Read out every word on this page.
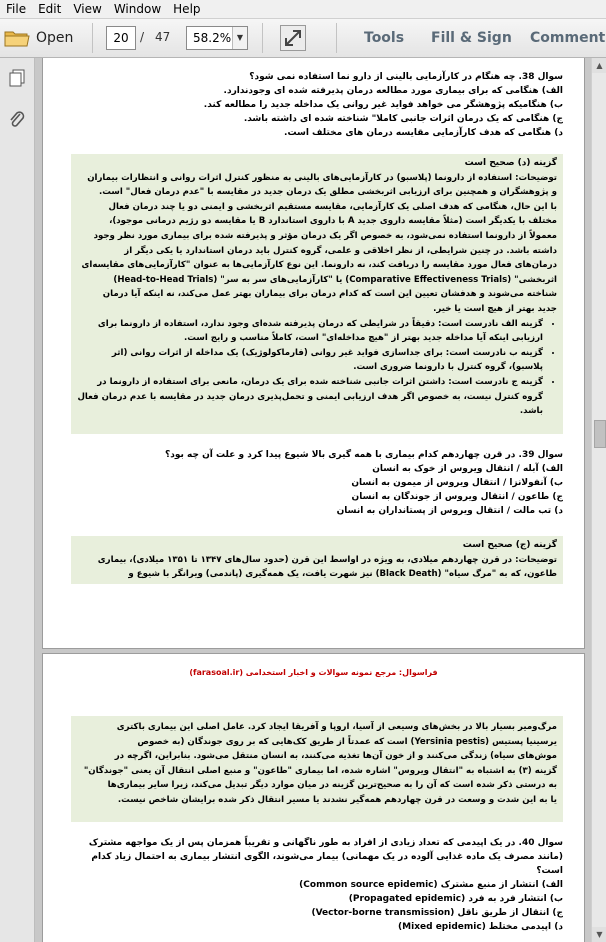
File	Edit	View	Window	Help
Open	20 / 47 58.2% ▼	Tools Fill & Sign Comment
سوال 38. چه هنگام در کارآزمایی بالینی از دارو نما استفاده نمی شود؟
الف) هنگامی که برای بیماری مورد مطالعه درمان پذیرفته شده ای وجودندارد.
ب) هنگامیکه پژوهشگر می خواهد فواید غیر روانی یک مداخله جدید را مطالعه کند.
ج) هنگامی که یک درمان اثرات جانبی کاملا" شناخته شده ای داشته باشد.
د) هنگامی که هدف کارآزمایی مقایسه درمان های مختلف است.
گزینه (د) صحیح است
توضیحات: استفاده از دارونما (پلاسبو) در کارآزمایی‌های بالینی به منظور کنترل اثرات روانی و انتظارات بیماران
و پژوهشگران و همچنین برای ارزیابی اثربخشی مطلق یک درمان جدید در مقایسه با "عدم درمان فعال" است.
با این حال، هنگامی که هدف اصلی یک کارآزمایی، مقایسه مستقیم اثربخشی و ایمنی دو یا چند درمان فعال
مختلف با یکدیگر است (مثلاً مقایسه داروی جدید A با داروی استاندارد B یا مقایسه دو رژیم درمانی موجود)،
معمولاً از دارونما استفاده نمی‌شود، به خصوص اگر یک درمان مؤثر و پذیرفته شده برای بیماری مورد نظر وجود
داشته باشد. در چنین شرایطی، از نظر اخلاقی و علمی، گروه کنترل باید درمان استاندارد یا یکی دیگر از
درمان‌های فعال مورد مقایسه را دریافت کند، نه دارونما. این نوع کارآزمایی‌ها به عنوان "کارآزمایی‌های مقایسه‌ای
اثربخشی" (Comparative Effectiveness Trials) یا "کارآزمایی‌های سر به سر" (Head-to-Head Trials)
شناخته می‌شوند و هدفشان تعیین این است که کدام درمان برای بیماران بهتر عمل می‌کند، نه اینکه آیا درمان
جدید بهتر از هیچ است یا خیر.
• گزینه الف نادرست است: دقیقاً در شرایطی که درمان پذیرفته شده‌ای وجود ندارد، استفاده از دارونما برای ارزیابی اینکه آیا مداخله جدید بهتر از "هیچ مداخله‌ای" است، کاملاً مناسب و رایج است.
• گزینه ب نادرست است: برای جداسازی فواید غیر روانی (فارماکولوژیک) یک مداخله از اثرات روانی (اثر پلاسبو)، گروه کنترل با دارونما ضروری است.
• گزینه ج نادرست است: داشتن اثرات جانبی شناخته شده برای یک درمان، مانعی برای استفاده از دارونما در گروه کنترل نیست، به خصوص اگر هدف ارزیابی ایمنی و تحمل‌پذیری درمان جدید در مقایسه با عدم درمان فعال باشد.
سوال 39. در قرن چهاردهم کدام بیماری با همه گیری بالا شیوع پیدا کرد و علت آن چه بود؟
الف) آبله / انتقال ویروس از خوک به انسان
ب) آنفولانزا / انتقال ویروس از میمون به انسان
ج) طاعون / انتقال ویروس از جوندگان به انسان
د) تب مالت / انتقال ویروس از پستانداران به انسان
گزینه (ج) صحیح است
توضیحات: در قرن چهاردهم میلادی، به ویژه در اواسط این قرن (حدود سال‌های ۱۳۴۷ تا ۱۳۵۱ میلادی)، بیماری
طاعون، که به "مرگ سیاه" (Black Death) نیز شهرت یافت، یک همه‌گیری (پاندمی) ویرانگر با شیوع و
فراسوال: مرجع نمونه سوالات و اخبار استخدامی (farasoal.ir)
مرگ‌ومیر بسیار بالا در بخش‌های وسیعی از آسیا، اروپا و آفریقا ایجاد کرد. عامل اصلی این بیماری باکتری
یرسینیا پستیس (Yersinia pestis) است که عمدتاً از طریق کک‌هایی که بر روی جوندگان (به خصوص
موش‌های سیاه) زندگی می‌کنند و از خون آن‌ها تغذیه می‌کنند، به انسان منتقل می‌شود. بنابراین، اگرچه در
گزینه (۳) به اشتباه به "انتقال ویروس" اشاره شده، اما بیماری "طاعون" و منبع اصلی انتقال آن یعنی "جوندگان"
به درستی ذکر شده است که آن را به صحیح‌ترین گزینه در میان موارد دیگر تبدیل می‌کند، زیرا سایر بیماری‌ها
یا به این شدت و وسعت در قرن چهاردهم همه‌گیر نشدند یا مسیر انتقال ذکر شده برایشان شاخص نیست.
سوال 40. در یک اپیدمی که تعداد زیادی از افراد به طور ناگهانی و تقریباً همزمان پس از یک مواجهه مشترک
(مانند مصرف یک ماده غذایی آلوده در یک مهمانی) بیمار می‌شوند، الگوی انتشار بیماری به احتمال زیاد کدام
است؟
الف) انتشار از منبع مشترک (Common source epidemic)
ب) انتشار فرد به فرد (Propagated epidemic)
ج) انتقال از طریق ناقل (Vector-borne transmission)
د) اپیدمی مختلط (Mixed epidemic)
▲
▼
